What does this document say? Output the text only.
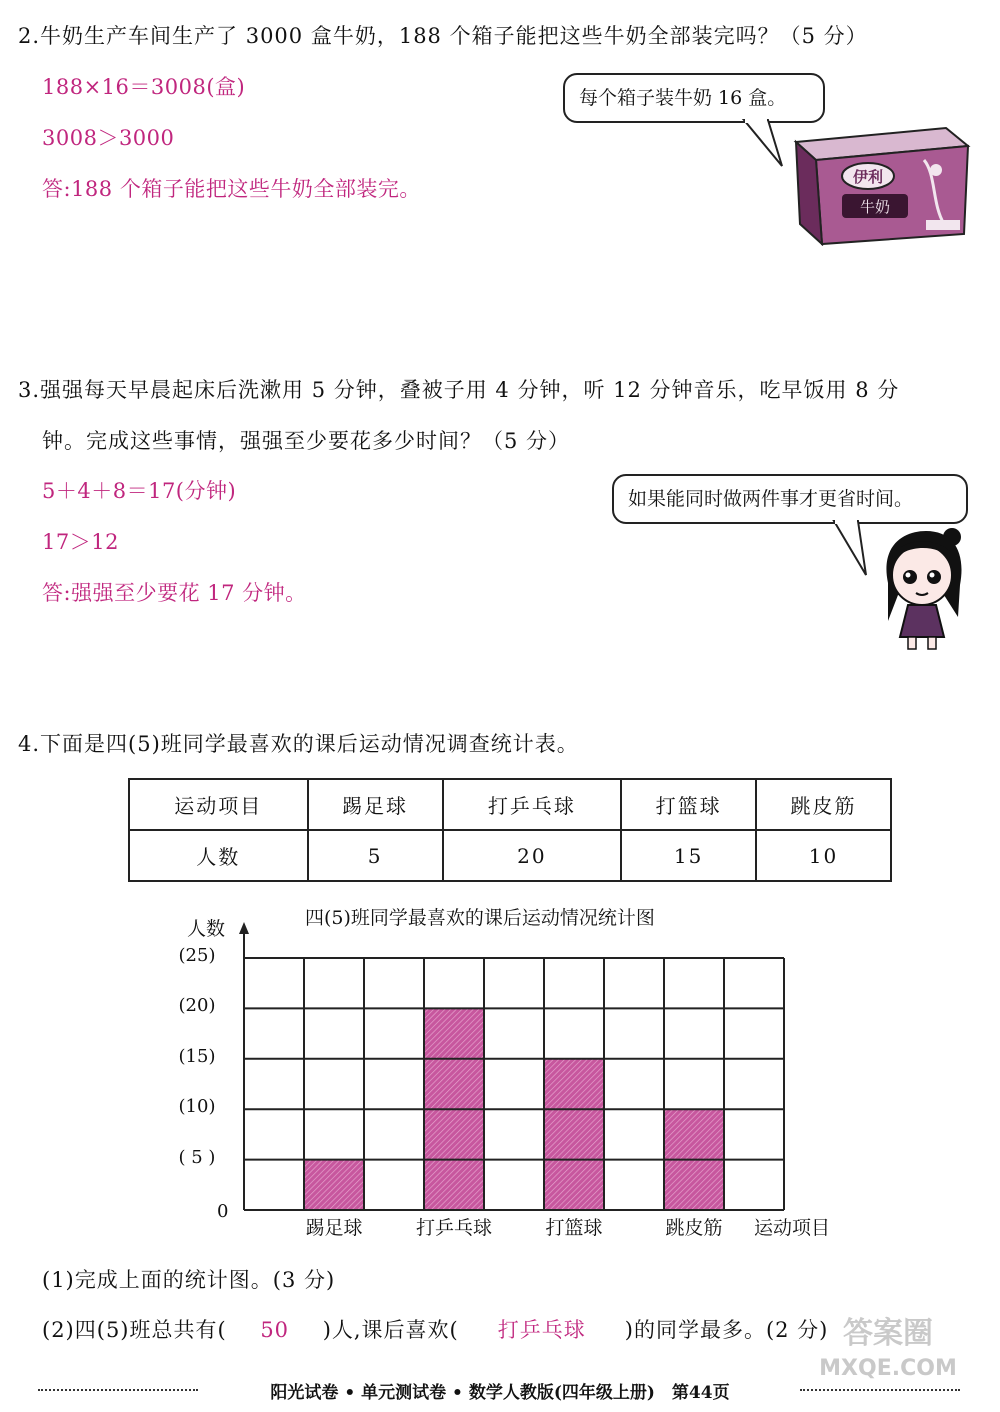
2.牛奶生产车间生产了 3000 盒牛奶，188 个箱子能把这些牛奶全部装完吗？（5 分）
188×16＝3008(盒)
3008＞3000
答:188 个箱子能把这些牛奶全部装完。
每个箱子装牛奶 16 盒。
伊利
牛奶
3.强强每天早晨起床后洗漱用 5 分钟，叠被子用 4 分钟，听 12 分钟音乐，吃早饭用 8 分
钟。完成这些事情，强强至少要花多少时间？（5 分）
5＋4＋8＝17(分钟)
17＞12
答:强强至少要花 17 分钟。
如果能同时做两件事才更省时间。
4.下面是四(5)班同学最喜欢的课后运动情况调查统计表。
运动项目	踢足球	打乒乓球	打篮球	跳皮筋
人数	5	20	15	10
四(5)班同学最喜欢的课后运动情况统计图
人数
运动项目
0
(1)完成上面的统计图。(3 分)
(2)四(5)班总共有( 50 )人,课后喜欢( 打乒乓球 )的同学最多。(2 分)
阳光试卷 • 单元测试卷 • 数学人教版(四年级上册)　第44页
答案圈
MXQE.COM
( 5 )
(10)
(15)
(20)
(25)
踢足球	打乒乓球	打篮球	跳皮筋
